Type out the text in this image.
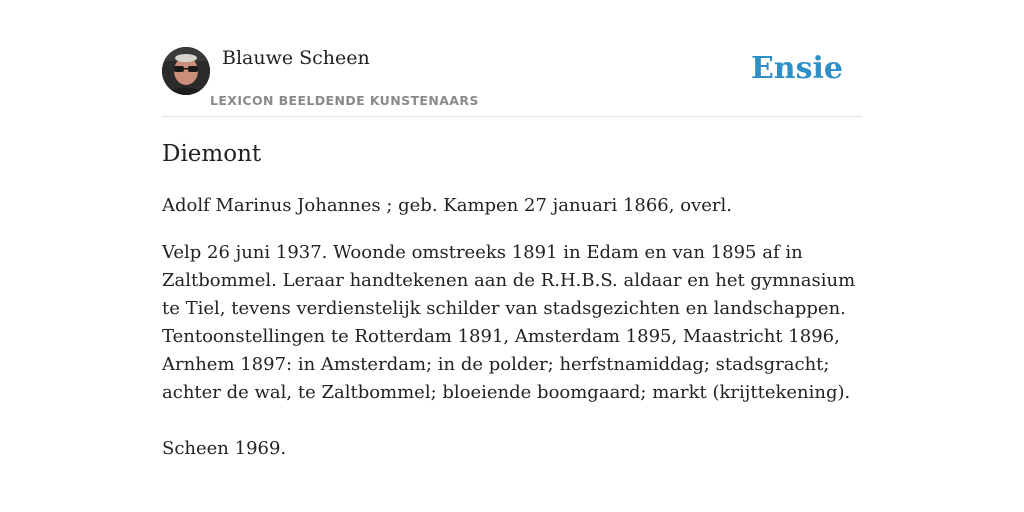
Blauwe Scheen
LEXICON BEELDENDE KUNSTENAARS
Ensie
Diemont

Adolf Marinus Johannes ; geb. Kampen 27 januari 1866, overl.

Velp 26 juni 1937. Woonde omstreeks 1891 in Edam en van 1895 af in Zaltbommel. Leraar handtekenen aan de R.H.B.S. aldaar en het gymnasium te Tiel, tevens verdienstelijk schilder van stadsgezichten en landschappen. Tentoonstellingen te Rotterdam 1891, Amsterdam 1895, Maastricht 1896, Arnhem 1897: in Amsterdam; in de polder; herfstnamiddag; stadsgracht; achter de wal, te Zaltbommel; bloeiende boomgaard; markt (krijttekening).

Scheen 1969.
